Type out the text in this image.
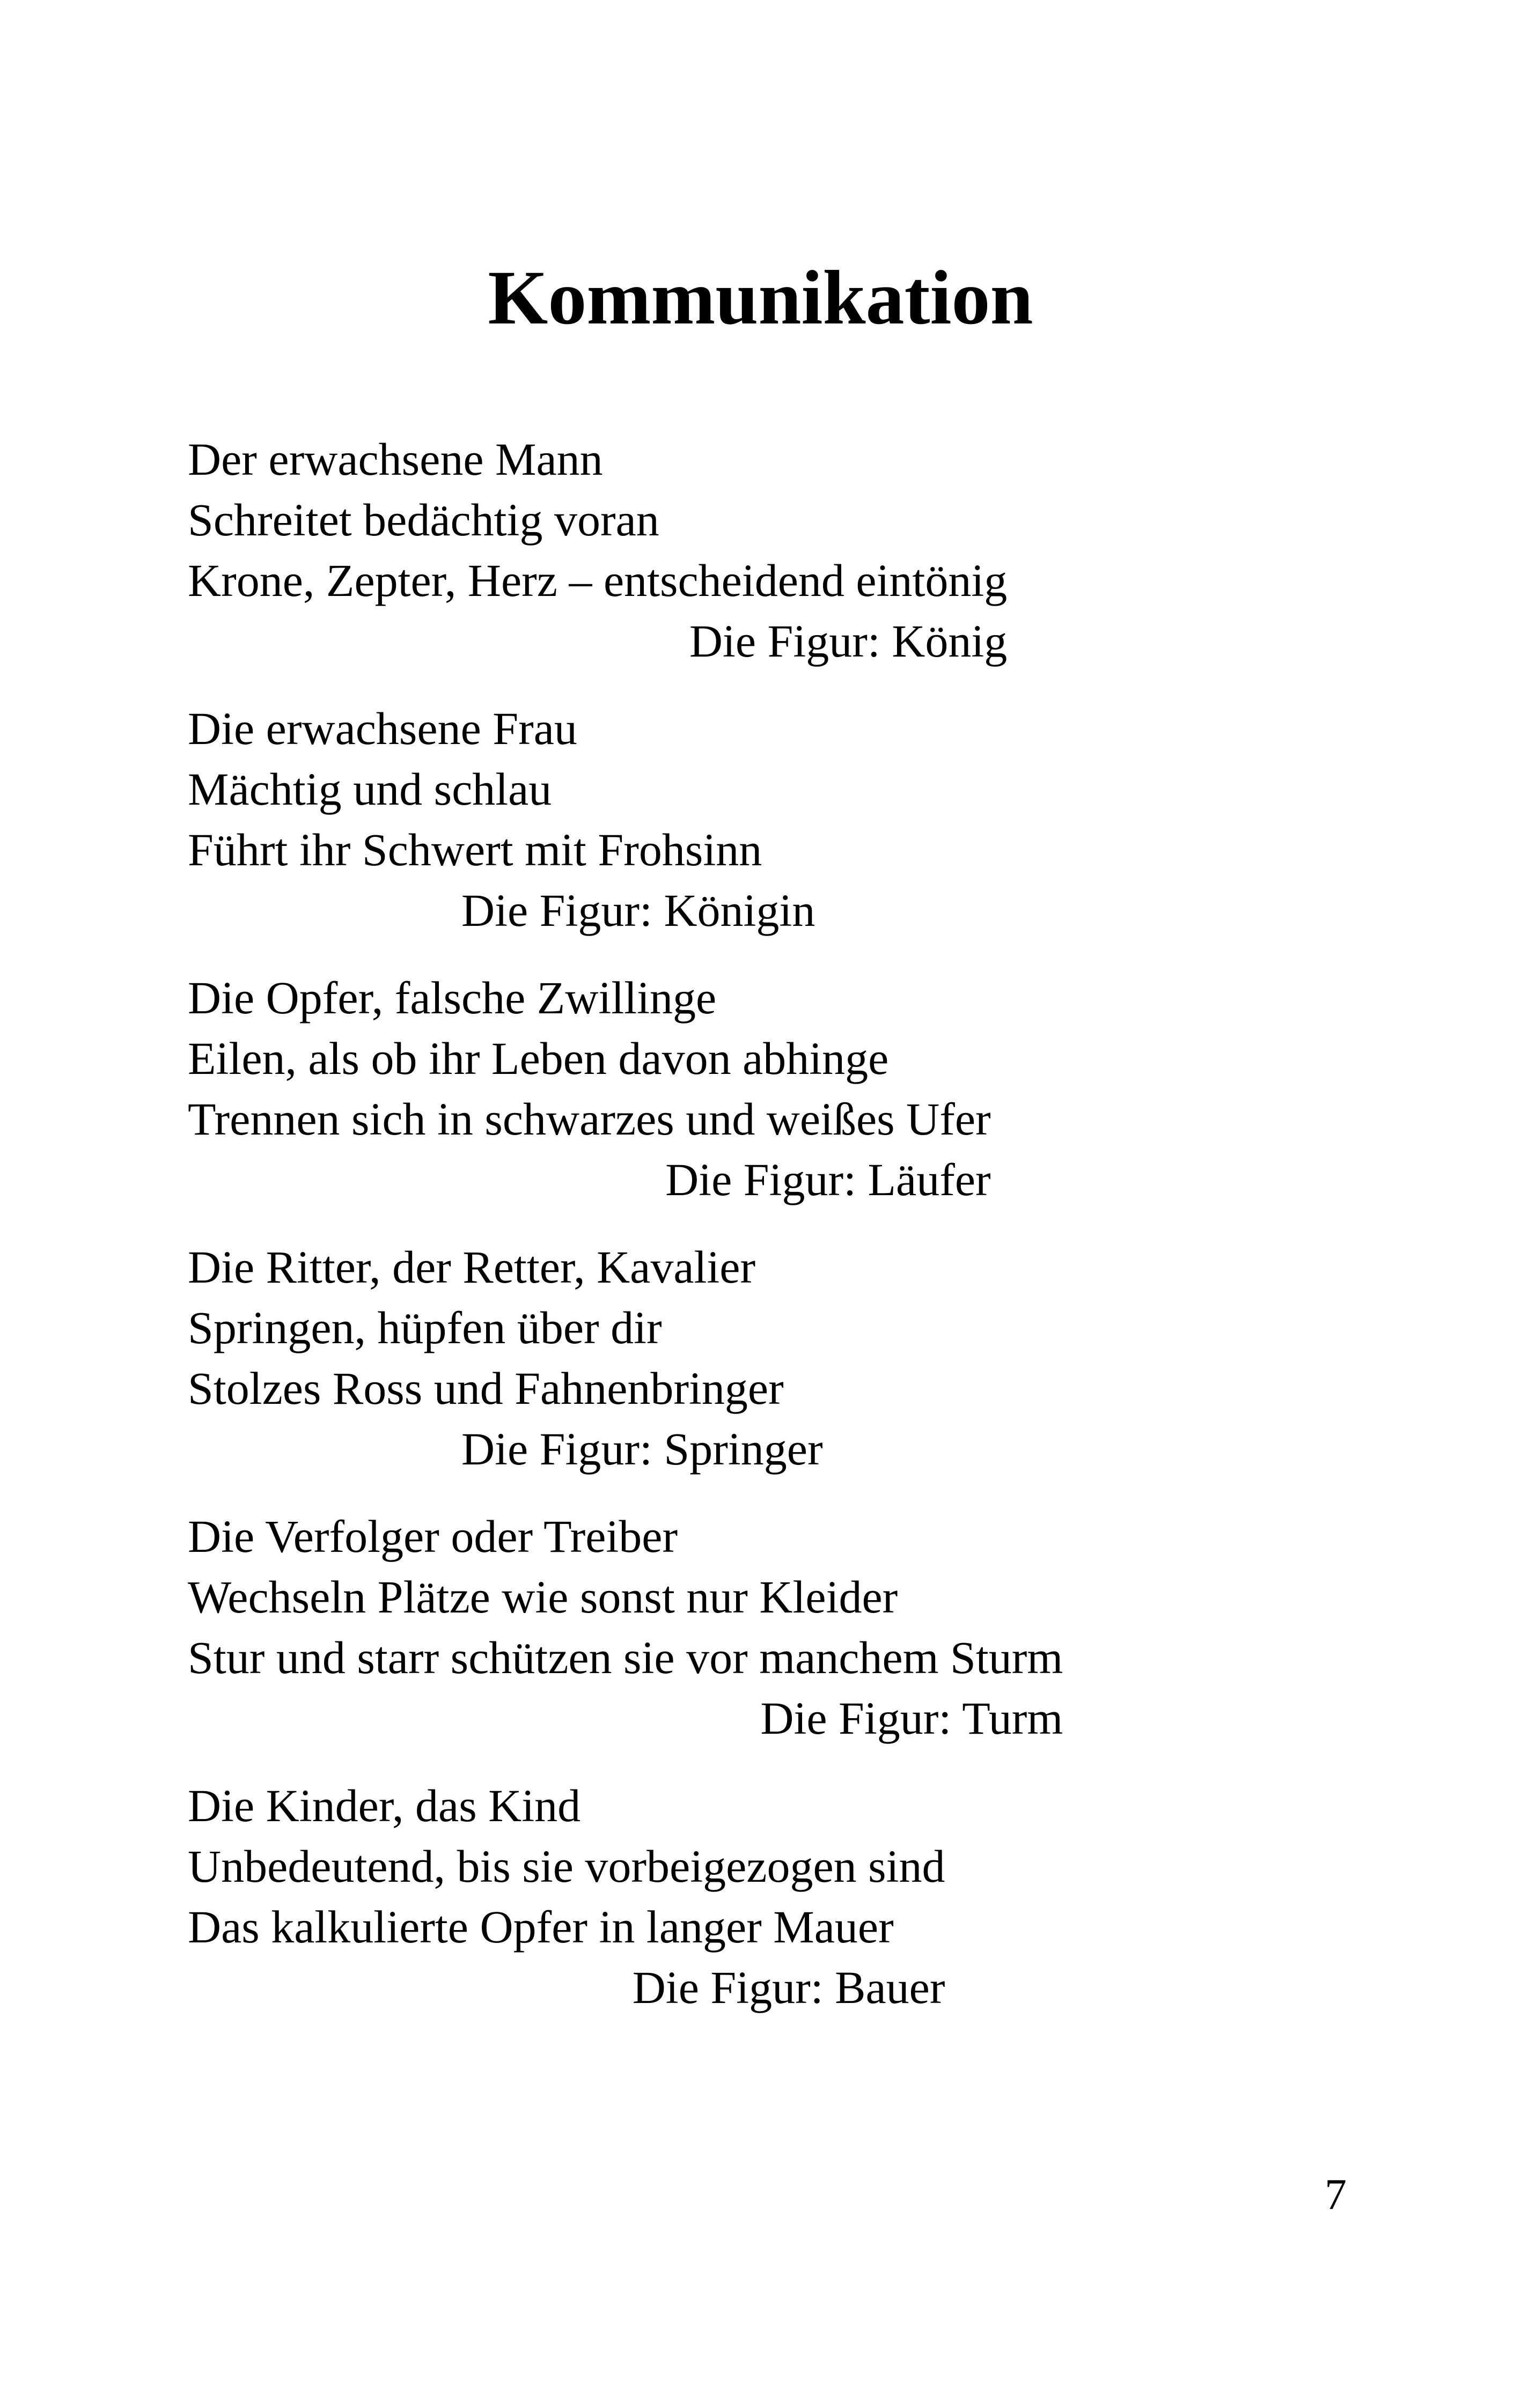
Kommunikation
Der erwachsene Mann
Schreitet bedächtig voran
Krone, Zepter, Herz – entscheidend eintönig
Die Figur: König
Die erwachsene Frau
Mächtig und schlau
Führt ihr Schwert mit Frohsinn
Die Figur: Königin
Die Opfer, falsche Zwillinge
Eilen, als ob ihr Leben davon abhinge
Trennen sich in schwarzes und weißes Ufer
Die Figur: Läufer
Die Ritter, der Retter, Kavalier
Springen, hüpfen über dir
Stolzes Ross und Fahnenbringer
Die Figur: Springer
Die Verfolger oder Treiber
Wechseln Plätze wie sonst nur Kleider
Stur und starr schützen sie vor manchem Sturm
Die Figur: Turm
Die Kinder, das Kind
Unbedeutend, bis sie vorbeigezogen sind
Das kalkulierte Opfer in langer Mauer
Die Figur: Bauer
7
